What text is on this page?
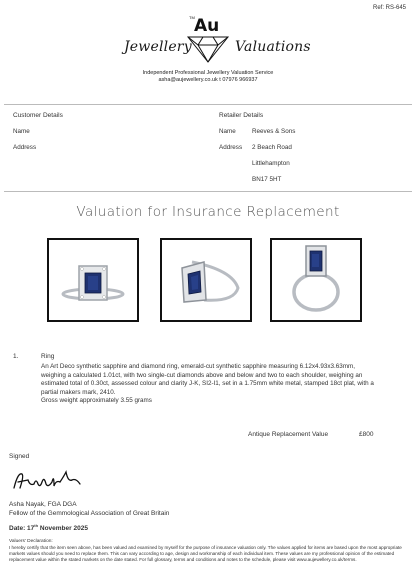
Ref: RS-645
TM Au
Jewellery	Valuations
Independent Professional Jewellery Valuation Service
asha@aujewellery.co.uk t 07976 966937
Customer Details
Name
Address
Retailer Details
Name	Reeves & Sons
Address 2 Beach Road
Littlehampton
BN17 5HT
Valuation for Insurance Replacement
1.	Ring
An Art Deco synthetic sapphire and diamond ring, emerald-cut synthetic sapphire measuring 6.12x4.93x3.63mm, weighing a calculated 1.01ct, with two single-cut diamonds above and below and two to each shoulder, weighing an estimated total of 0.30ct, assessed colour and clarity J-K, SI2-I1, set in a 1.75mm white metal, stamped 18ct plat, with a partial makers mark, 2410.
Gross weight approximately 3.55 grams
Antique Replacement Value	£800
Signed
Asha Nayak, FGA DGA
Fellow of the Gemmological Association of Great Britain
Date: 17th November 2025
Valuers' Declaration:
I hereby certify that the item seen above, has been valued and examined by myself for the purpose of insurance valuation only. The values applied for items are based upon the most appropriate markets values should you need to replace them. This can vary according to age, design and workmanship of each individual item. These values are my professional opinion of the estimated replacement value within the stated markets on the date stated. For full glossary, terms and conditions and notes to the schedule, please visit www.aujewellery.co.uk/terms.
